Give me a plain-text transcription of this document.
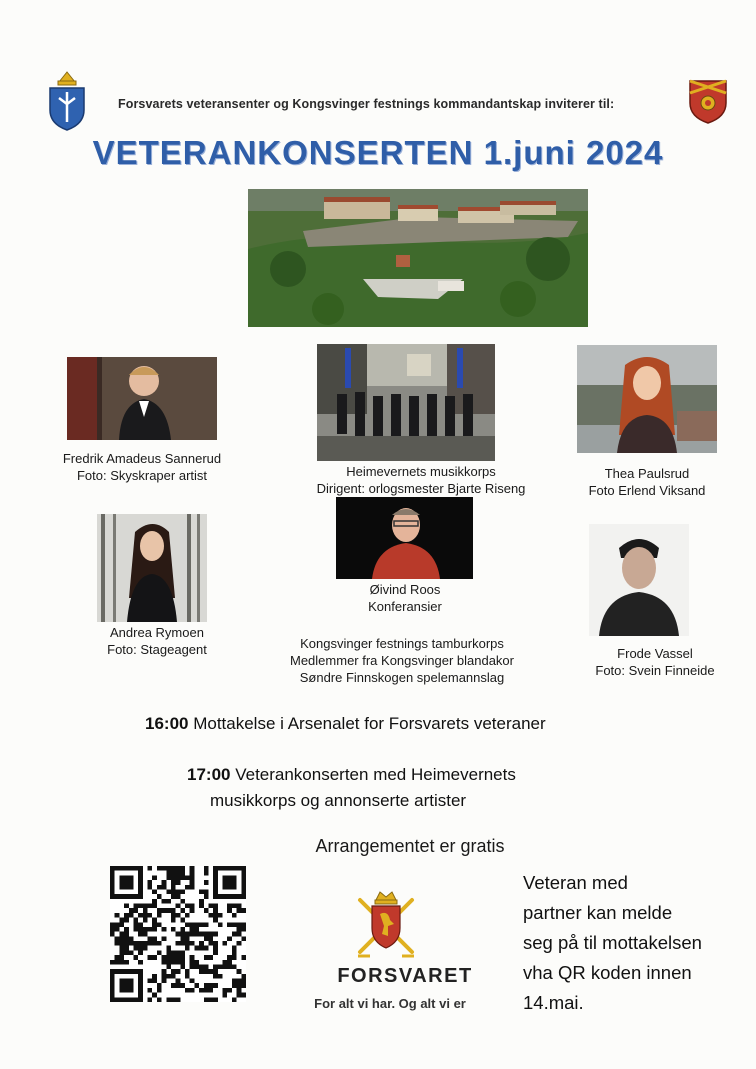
Forsvarets veteransenter og Kongsvinger festnings kommandantskap inviterer til:
VETERANKONSERTEN 1.juni 2024
Fredrik Amadeus Sannerud
Foto: Skyskraper artist	Heimevernets musikkorps
Dirigent: orlogsmester Bjarte Riseng
Thea Paulsrud
Foto Erlend Viksand
Øivind Roos
Konferansier
Andrea Rymoen
Foto: Stageagent	Frode Vassel
Foto: Svein Finneide
Kongsvinger festnings tamburkorps
Medlemmer fra Kongsvinger blandakor
Søndre Finnskogen spelemannslag
16:00 Mottakelse i Arsenalet for Forsvarets veteraner
17:00 Veterankonserten med Heimevernets
musikkorps og annonserte artister
Arrangementet er gratis
FORSVARET
For alt vi har. Og alt vi er
Veteran med
partner kan melde
seg på til mottakelsen
vha QR koden innen
14.mai.
